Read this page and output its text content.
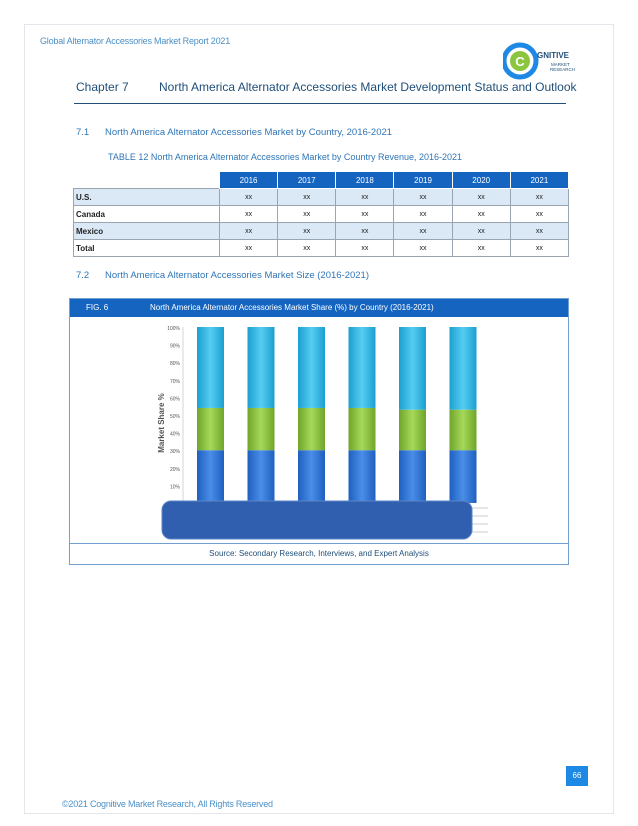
Global Alternator Accessories Market Report 2021
C GNITIVE
MARKET
RESEARCH
Chapter 7	North America Alternator Accessories Market Development Status and Outlook
7.1 North America Alternator Accessories Market by Country, 2016-2021
TABLE 12 North America Alternator Accessories Market by Country Revenue, 2016-2021
	2016	2017	2018	2019	2020	2021
U.S.	xx	xx	xx	xx	xx	xx
Canada	xx	xx	xx	xx	xx	xx
Mexico	xx	xx	xx	xx	xx	xx
Total	xx	xx	xx	xx	xx	xx
7.2 North America Alternator Accessories Market Size (2016-2021)
FIG. 6	North America Alternator Accessories Market Share (%) by Country (2016-2021)
Market Share %
10%
20%
30%
40%
50%
60%
70%
80%
90%
100%
Source: Secondary Research, Interviews, and Expert Analysis
66
©2021 Cognitive Market Research, All Rights Reserved
